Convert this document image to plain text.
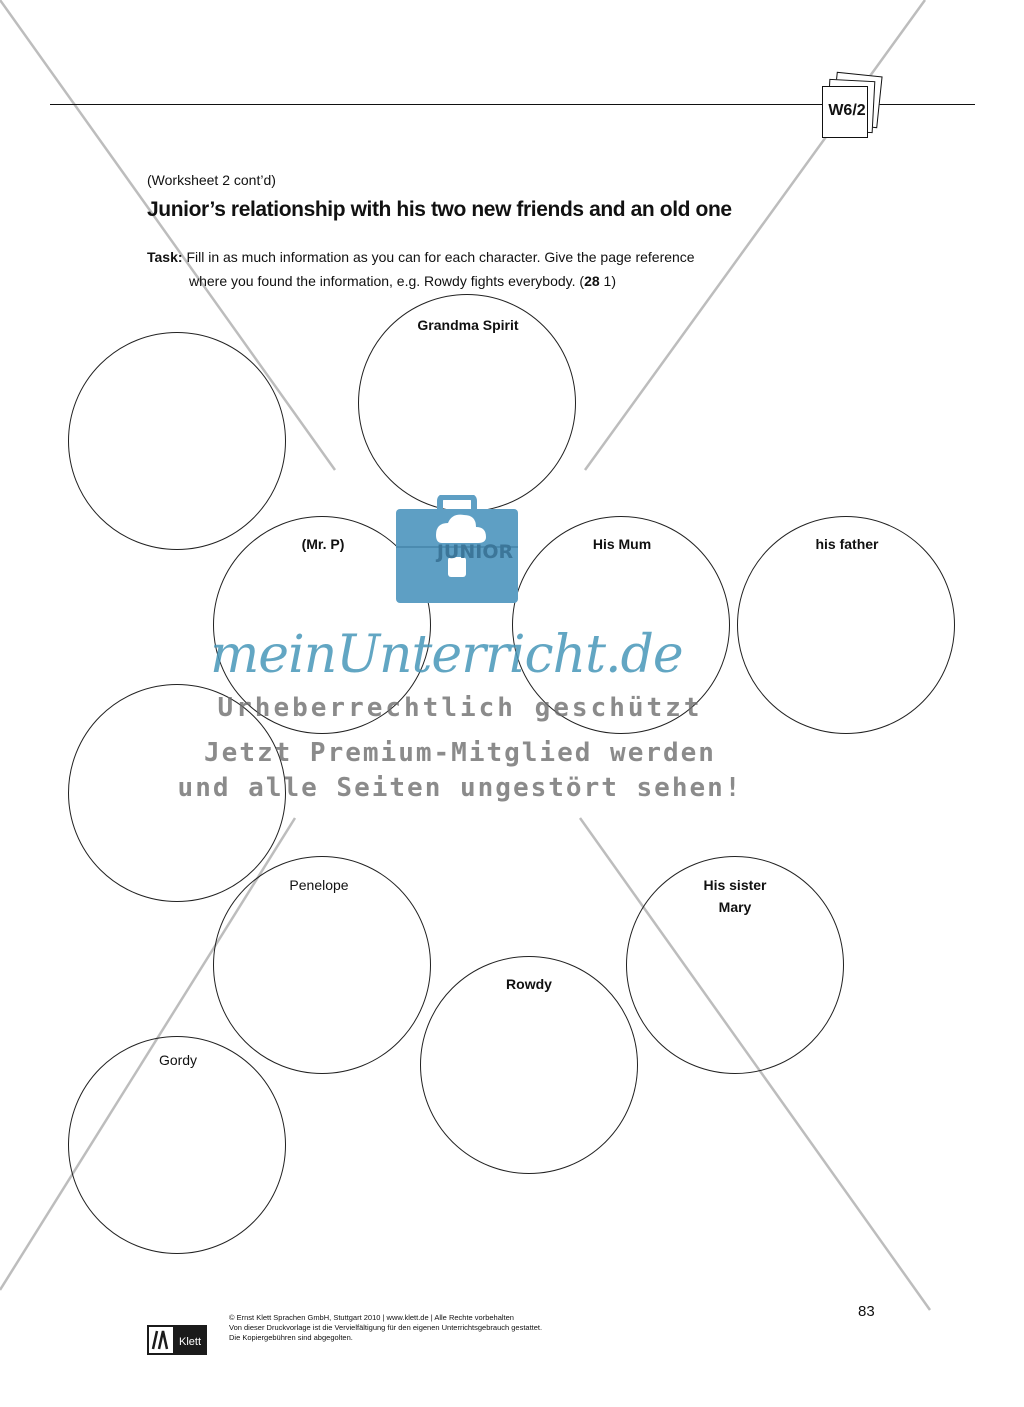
W6/2
(Worksheet 2 cont’d)
Junior’s relationship with his two new friends and an old one
Task: Fill in as much information as you can for each character. Give the page reference
where you found the information, e.g. Rowdy fights everybody. (28 1)
Grandma Spirit
(Mr. P)	His Mum	his father
Penelope	His sister
Mary
Rowdy
Gordy
JUNIOR
meinUnterricht.de
Urheberrechtlich geschützt
Jetzt Premium-Mitglied werden
und alle Seiten ungestört sehen!
Klett
© Ernst Klett Sprachen GmbH, Stuttgart 2010 | www.klett.de | Alle Rechte vorbehalten
Von dieser Druckvorlage ist die Vervielfältigung für den eigenen Unterrichtsgebrauch gestattet.
Die Kopiergebühren sind abgegolten.
83
